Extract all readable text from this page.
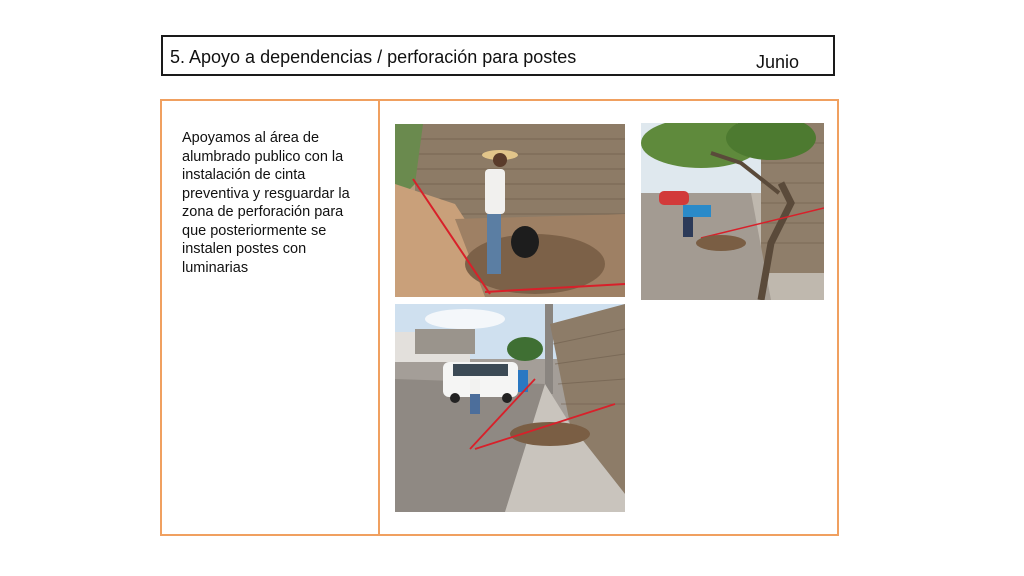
5. Apoyo a dependencias / perforación para postes	Junio
Apoyamos al área de alumbrado publico con la instalación de cinta preventiva y resguardar la zona de perforación para que posteriormente se instalen postes con luminarias
